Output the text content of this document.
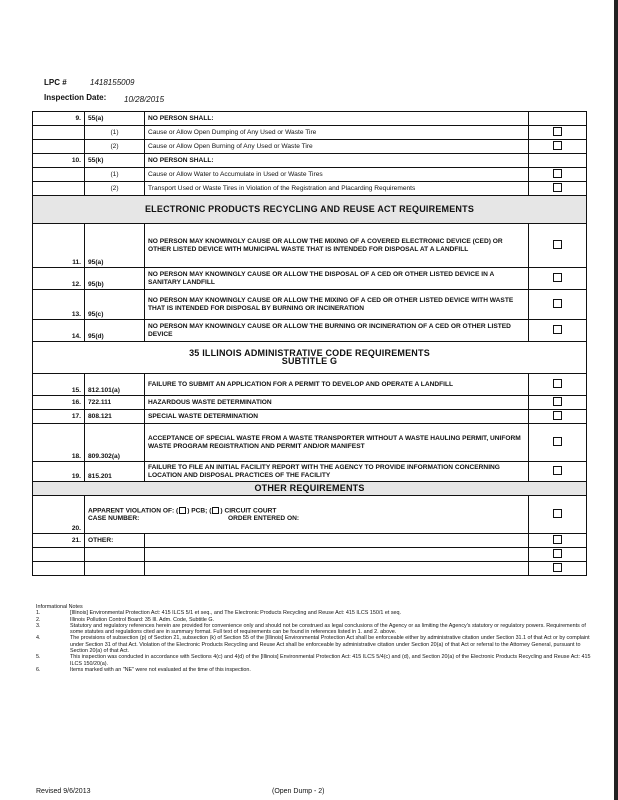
LPC #	1418155009
Inspection Date: 10/28/2015
9.	55(a)	NO PERSON SHALL:	
	(1)	Cause or Allow Open Dumping of Any Used or Waste Tire	
	(2)	Cause or Allow Open Burning of Any Used or Waste Tire	
10.	55(k)	NO PERSON SHALL:	
	(1)	Cause or Allow Water to Accumulate in Used or Waste Tires	
	(2)	Transport Used or Waste Tires in Violation of the Registration and Placarding Requirements	
ELECTRONIC PRODUCTS RECYCLING AND REUSE ACT REQUIREMENTS			
11.	95(a)	NO PERSON MAY KNOWINGLY CAUSE OR ALLOW THE MIXING OF A COVERED ELECTRONIC DEVICE (CED) OR OTHER LISTED DEVICE WITH MUNICIPAL WASTE THAT IS INTENDED FOR DISPOSAL AT A LANDFILL	
12.	95(b)	NO PERSON MAY KNOWINGLY CAUSE OR ALLOW THE DISPOSAL OF A CED OR OTHER LISTED DEVICE IN A SANITARY LANDFILL	
13.	95(c)	NO PERSON MAY KNOWINGLY CAUSE OR ALLOW THE MIXING OF A CED OR OTHER LISTED DEVICE WITH WASTE THAT IS INTENDED FOR DISPOSAL BY BURNING OR INCINERATION	
14.	95(d)	NO PERSON MAY KNOWINGLY CAUSE OR ALLOW THE BURNING OR INCINERATION OF A CED OR OTHER LISTED DEVICE	

35 ILLINOIS ADMINISTRATIVE CODE REQUIREMENTS
SUBTITLE G			

15.	812.101(a)	FAILURE TO SUBMIT AN APPLICATION FOR A PERMIT TO DEVELOP AND OPERATE A LANDFILL	
16.	722.111	HAZARDOUS WASTE DETERMINATION	
17.	808.121	SPECIAL WASTE DETERMINATION	
18.	809.302(a)	ACCEPTANCE OF SPECIAL WASTE FROM A WASTE TRANSPORTER WITHOUT A WASTE HAULING PERMIT, UNIFORM WASTE PROGRAM REGISTRATION AND PERMIT AND/OR MANIFEST	
19.	815.201	FAILURE TO FILE AN INITIAL FACILITY REPORT WITH THE AGENCY TO PROVIDE INFORMATION CONCERNING LOCATION AND DISPOSAL PRACTICES OF THE FACILITY	
OTHER REQUIREMENTS			
20.	APPARENT VIOLATION OF: ( ) PCB; ( ) CIRCUIT COURT
CASE NUMBER: ORDER ENTERED ON:		

21.	OTHER:		

Informational Notes
1.	[Illinois] Environmental Protection Act: 415 ILCS 5/1 et seq., and The Electronic Products Recycling and Reuse Act: 415 ILCS 150/1 et seq.
2.	Illinois Pollution Control Board: 35 Ill. Adm. Code, Subtitle G.
3.	Statutory and regulatory references herein are provided for convenience only and should not be construed as legal conclusions of the Agency or as limiting the Agency's statutory or regulatory powers. Requirements of some statutes and regulations cited are in summary format. Full text of requirements can be found in references listed in 1. and 2. above.
4.	The provisions of subsection (p) of Section 21, subsection (k) of Section 55 of the [Illinois] Environmental Protection Act shall be enforceable either by administrative citation under Section 31.1 of that Act or by complaint under Section 31 of that Act. Violation of the Electronic Products Recycling and Reuse Act shall be enforceable by administrative citation under Section 20(a) of that Act or referral to the Attorney General, pursuant to Section 20(a) of that Act.
5.	This inspection was conducted in accordance with Sections 4(c) and 4(d) of the [Illinois] Environmental Protection Act: 415 ILCS 5/4(c) and (d), and Section 20(a) of the Electronic Products Recycling and Reuse Act: 415 ILCS 150/20(a).
6.	Items marked with an "NE" were not evaluated at the time of this inspection.
Revised 9/6/2013	(Open Dump - 2)
